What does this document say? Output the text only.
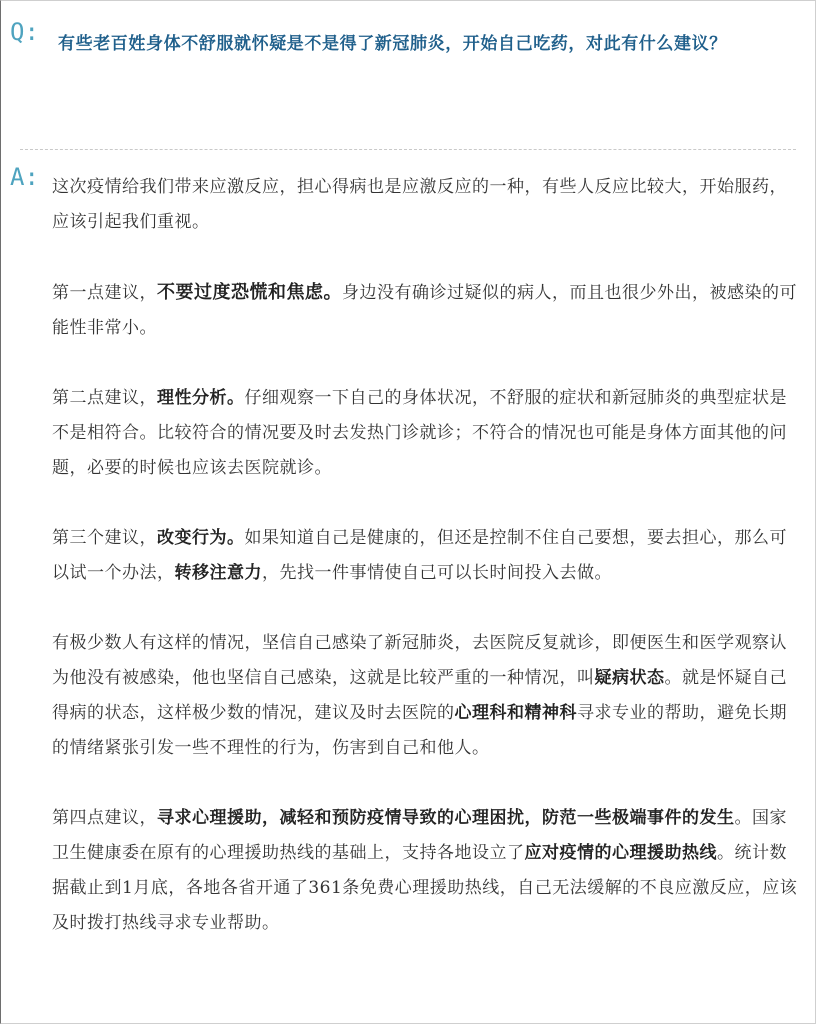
Q: 有些老百姓身体不舒服就怀疑是不是得了新冠肺炎，开始自己吃药，对此有什么建议？

A: 这次疫情给我们带来应激反应，担心得病也是应激反应的一种，有些人反应比较大，开始服药，应该引起我们重视。

第一点建议，不要过度恐慌和焦虑。身边没有确诊过疑似的病人，而且也很少外出，被感染的可能性非常小。

第二点建议，理性分析。仔细观察一下自己的身体状况，不舒服的症状和新冠肺炎的典型症状是不是相符合。比较符合的情况要及时去发热门诊就诊；不符合的情况也可能是身体方面其他的问题，必要的时候也应该去医院就诊。

第三个建议，改变行为。如果知道自己是健康的，但还是控制不住自己要想，要去担心，那么可以试一个办法，转移注意力，先找一件事情使自己可以长时间投入去做。

有极少数人有这样的情况，坚信自己感染了新冠肺炎，去医院反复就诊，即便医生和医学观察认为他没有被感染，他也坚信自己感染，这就是比较严重的一种情况，叫疑病状态。就是怀疑自己得病的状态，这样极少数的情况，建议及时去医院的心理科和精神科寻求专业的帮助，避免长期的情绪紧张引发一些不理性的行为，伤害到自己和他人。

第四点建议，寻求心理援助，减轻和预防疫情导致的心理困扰，防范一些极端事件的发生。国家卫生健康委在原有的心理援助热线的基础上，支持各地设立了应对疫情的心理援助热线。统计数据截止到1月底，各地各省开通了361条免费心理援助热线，自己无法缓解的不良应激反应，应该及时拨打热线寻求专业帮助。
